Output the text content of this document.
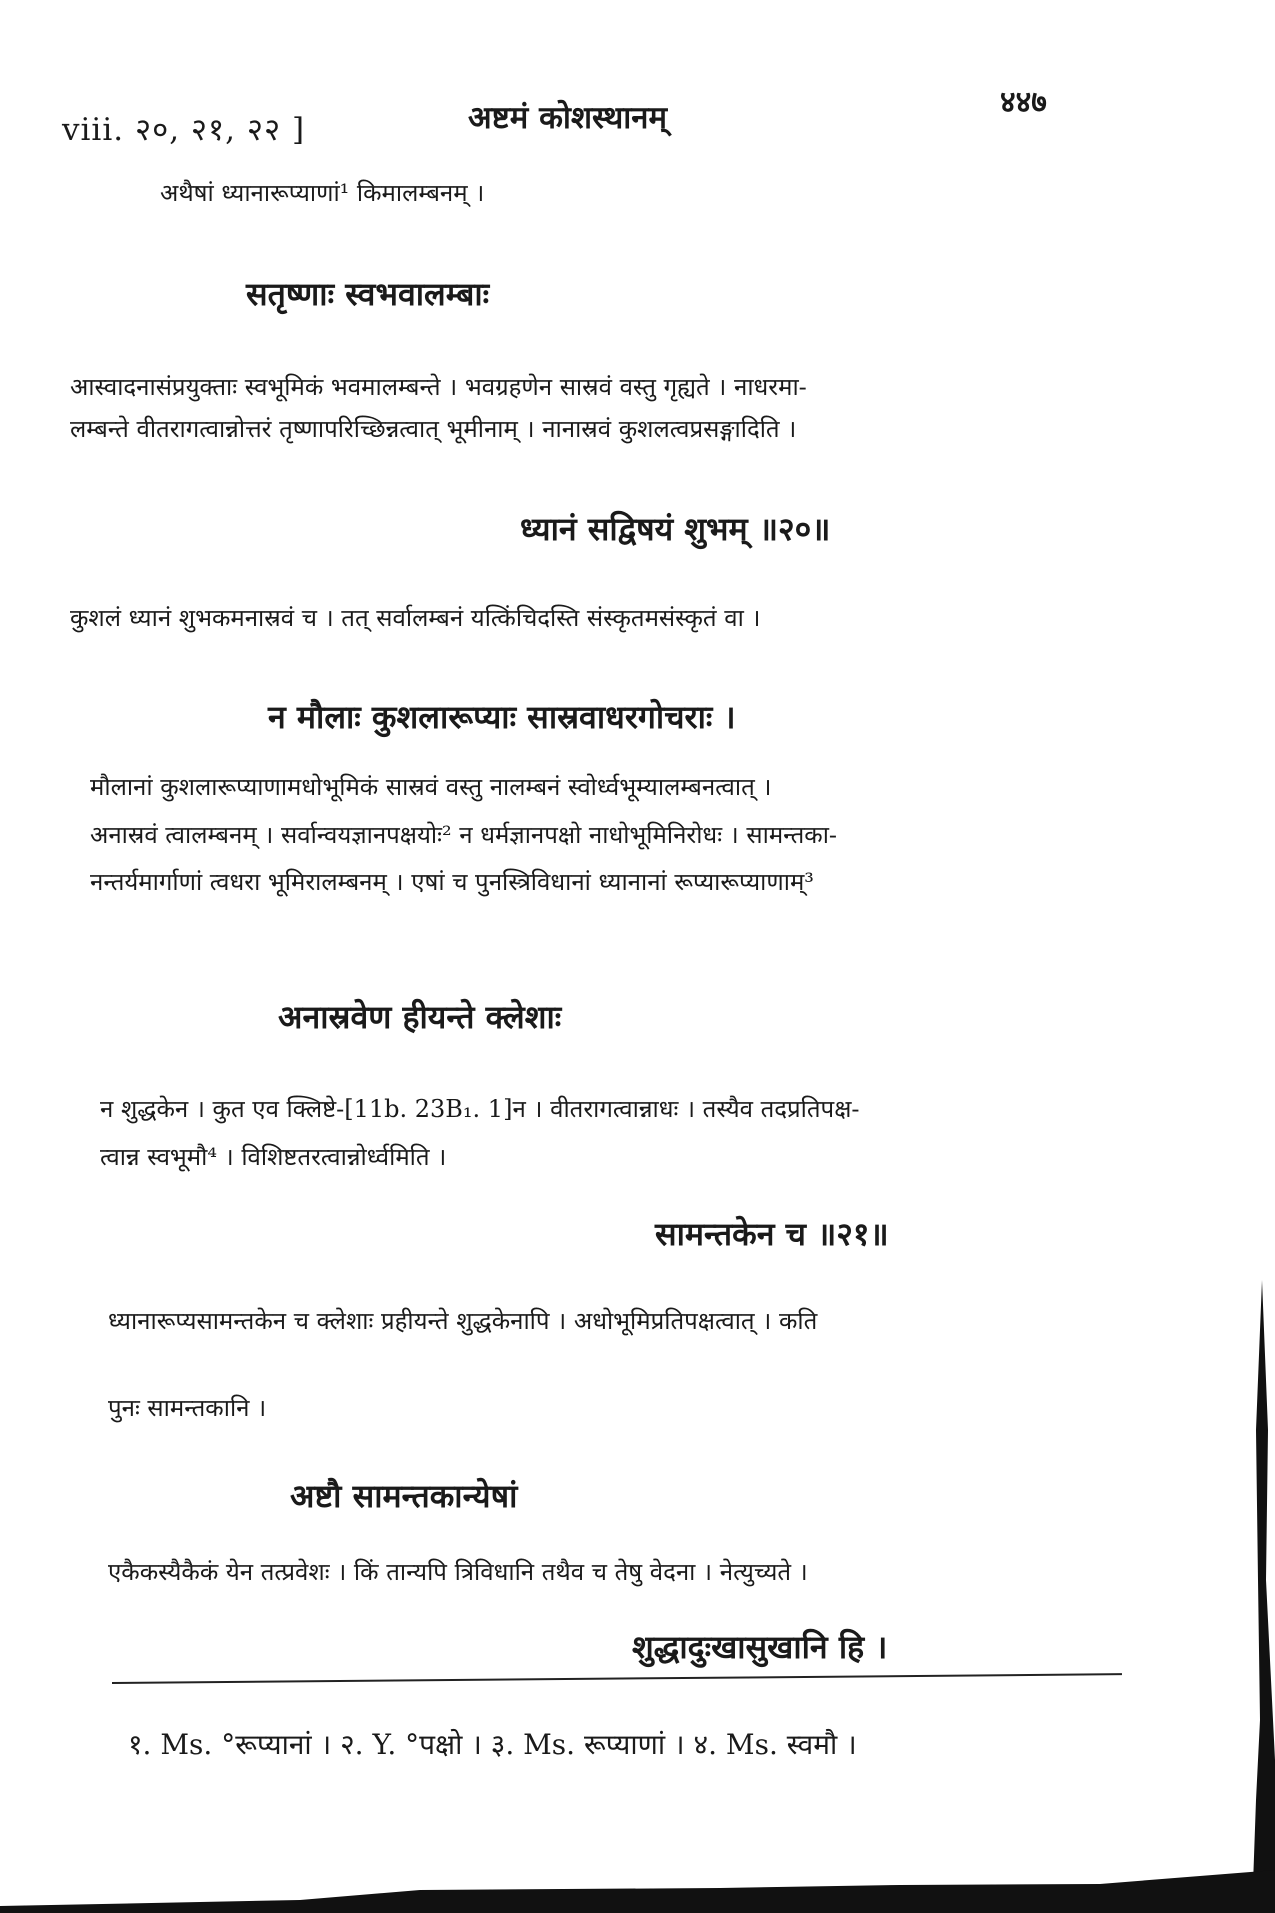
viii. २०, २१, २२ ]	अष्टमं कोशस्थानम्	४४७
अथैषां ध्यानारूप्याणां¹ किमालम्बनम् ।
सतृष्णाः स्वभवालम्बाः
आस्वादनासंप्रयुक्ताः स्वभूमिकं भवमालम्बन्ते । भवग्रहणेन सास्रवं वस्तु गृह्यते । नाधरमा-
लम्बन्ते वीतरागत्वान्नोत्तरं तृष्णापरिच्छिन्नत्वात् भूमीनाम् । नानास्रवं कुशलत्वप्रसङ्गादिति ।
ध्यानं सद्विषयं शुभम् ॥२०॥
कुशलं ध्यानं शुभकमनास्रवं च । तत् सर्वालम्बनं यत्किंचिदस्ति संस्कृतमसंस्कृतं वा ।
न मौलाः कुशलारूप्याः सास्रवाधरगोचराः ।
मौलानां कुशलारूप्याणामधोभूमिकं सास्रवं वस्तु नालम्बनं स्वोर्ध्वभूम्यालम्बनत्वात् ।
अनास्रवं त्वालम्बनम् । सर्वान्वयज्ञानपक्षयोः² न धर्मज्ञानपक्षो नाधोभूमिनिरोधः । सामन्तका-
नन्तर्यमार्गाणां त्वधरा भूमिरालम्बनम् । एषां च पुनस्त्रिविधानां ध्यानानां रूप्यारूप्याणाम्³
अनास्रवेण हीयन्ते क्लेशाः
न शुद्धकेन । कुत एव क्लिष्टे-[11b. 23B₁. 1]न । वीतरागत्वान्नाधः । तस्यैव तदप्रतिपक्ष-
त्वान्न स्वभूमौ⁴ । विशिष्टतरत्वान्नोर्ध्वमिति ।
सामन्तकेन च ॥२१॥
ध्यानारूप्यसामन्तकेन च क्लेशाः प्रहीयन्ते शुद्धकेनापि । अधोभूमिप्रतिपक्षत्वात् । कति
पुनः सामन्तकानि ।
अष्टौ सामन्तकान्येषां
एकैकस्यैकैकं येन तत्प्रवेशः । किं तान्यपि त्रिविधानि तथैव च तेषु वेदना । नेत्युच्यते ।
शुद्धादुःखासुखानि हि ।
१. Ms. °रूप्यानां । २. Y. °पक्षो । ३. Ms. रूप्याणां । ४. Ms. स्वमौ ।
